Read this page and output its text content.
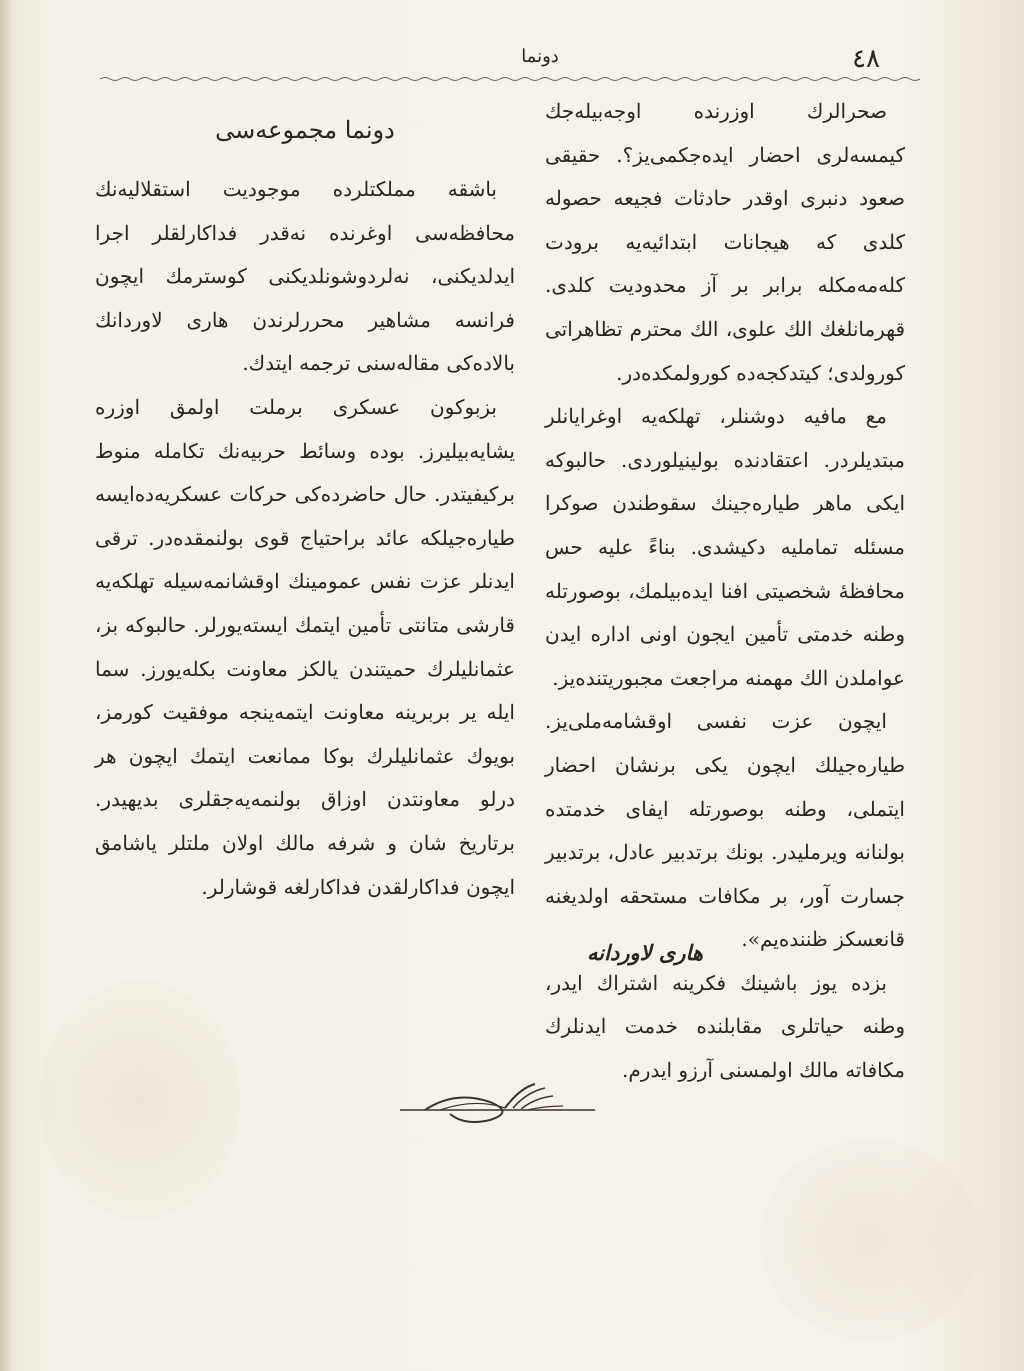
دونما	٤٨

صحرالرك اوزرنده اوجه‌بیله‌جك كیمسه‌لری احضار ایده‌جكمی‌یز؟. حقیقی صعود دنبری اوقدر حادثات فجیعه حصوله كلدی كه هیجانات ابتدائیه‌یه برودت كله‌مه‌مكله برابر بر آز محدودیت كلدی. قهرمانلغك الك علوی، الك محترم تظاهراتی كورولدی؛ كیتدكجه‌ده كورولمكده‌در.

مع مافیه دوشنلر، تهلكه‌یه اوغرایانلر مبتدیلردر. اعتقادنده بولینیلوردی. حالبوكه ایكی ماهر طیاره‌جینك سقوطندن صوكرا مسئله تماملیه دكیشدی. بناءً علیه حس محافظهٔ شخصیتی افنا ایده‌بیلمك، بوصورتله وطنه خدمتی تأمین ایجون اونی اداره ایدن عواملدن الك مهمنه مراجعت مجبوریتنده‌یز.

ایچون عزت نفسی اوقشامه‌ملی‌یز. طیاره‌جیلك ایچون یكی برنشان احضار ایتملی، وطنه بوصورتله ایفای خدمتده بولنانه ویرملیدر. بونك برتدبیر عادل، برتدبیر جسارت آور، بر مكافات مستحقه اولدیغنه قانعسكز ظننده‌یم».

بزده یوز باشینك فكرینه اشتراك ایدر، وطنه حیاتلری مقابلنده خدمت ایدنلرك مكافاته مالك اولمسنی آرزو ایدرم.

هاری لاوردانه
دونما مجموعه‌سی

باشقه مملكتلرده موجودیت استقلالیه‌نك محافظه‌سی اوغرنده نه‌قدر فداكارلقلر اجرا ایدلدیكنی، نه‌لردوشونلدیكنی كوسترمك ایچون فرانسه مشاهیر محررلرندن هاری لاوردانك بالاده‌كی مقاله‌سنی ترجمه ایتدك.

بزبوكون عسكری برملت اولمق اوزره یشایه‌بیلیرز. بوده وسائط حربیه‌نك تكامله منوط بركیفیتدر. حال حاضرده‌كی حركات عسكریه‌ده‌ایسه طیاره‌جیلكه عائد براحتیاج قوی بولنمقده‌در. ترقی ایدنلر عزت نفس عمومینك اوقشانمه‌سیله تهلكه‌یه قارشی متانتی تأمین ایتمك ایسته‌یورلر. حالبوكه بز، عثمانلیلرك حمیتندن یالكز معاونت بكله‌یورز. سما ایله یر بربرینه معاونت ایتمه‌ینجه موفقیت كورمز، بویوك عثمانلیلرك بوكا ممانعت ایتمك ایچون هر درلو معاونتدن اوزاق بولنمه‌یه‌جقلری بدیهیدر. برتاریخ شان و شرفه مالك اولان ملتلر یاشامق ایچون فداكارلقدن فداكارلغه قوشارلر.
